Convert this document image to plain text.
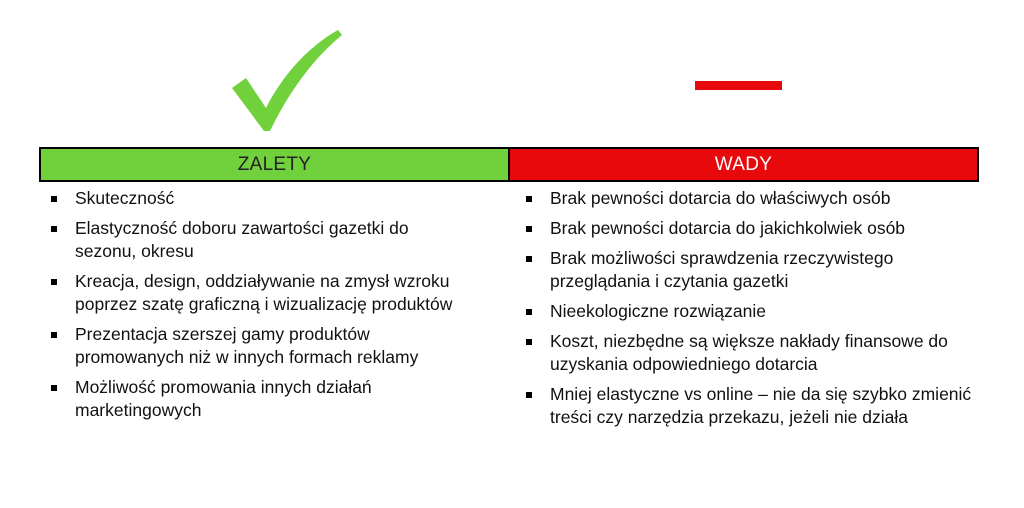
ZALETY	WADY
Skuteczność
Elastyczność doboru zawartości gazetki do sezonu, okresu
Kreacja, design, oddziaływanie na zmysł wzroku poprzez szatę graficzną i wizualizację produktów
Prezentacja szerszej gamy produktów promowanych niż w innych formach reklamy
Możliwość promowania innych działań marketingowych
Brak pewności dotarcia do właściwych osób
Brak pewności dotarcia do jakichkolwiek osób
Brak możliwości sprawdzenia rzeczywistego przeglądania i czytania gazetki
Nieekologiczne rozwiązanie
Koszt, niezbędne są większe nakłady finansowe do uzyskania odpowiedniego dotarcia
Mniej elastyczne vs online – nie da się szybko zmienić treści czy narzędzia przekazu, jeżeli nie działa
